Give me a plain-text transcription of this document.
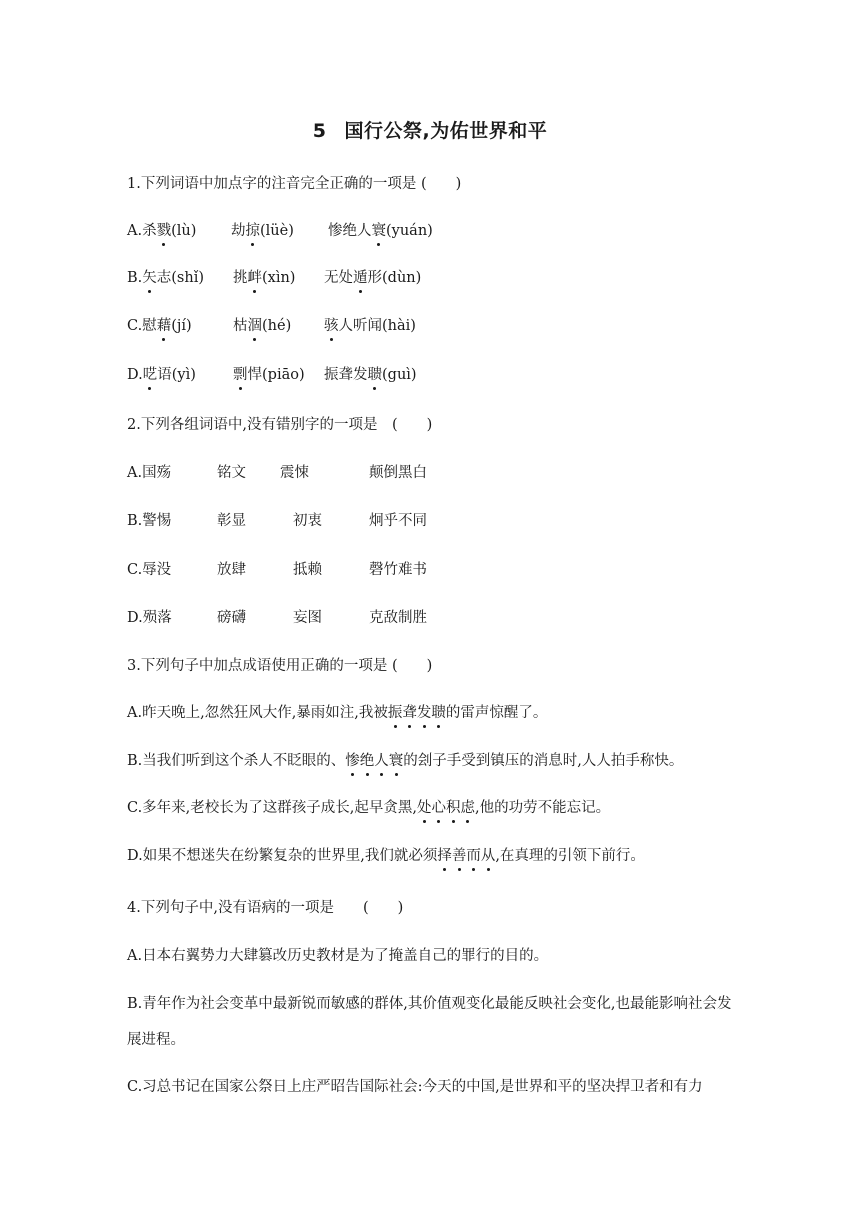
5 国行公祭,为佑世界和平
1.下列词语中加点字的注音完全正确的一项是 (　　)
A.杀戮(lù) 劫掠(lüè) 惨绝人寰(yuán)
B.矢志(shǐ) 挑衅(xìn) 无处遁形(dùn)
C.慰藉(jí)	枯涸(hé) 骇人听闻(hài)
D.呓语(yì)	剽悍(piāo) 振聋发聩(guì)
2.下列各组词语中,没有错别字的一项是　(　　)
A.国殇	铭文 震悚	颠倒黑白
B.警惕	彰显	初衷	炯乎不同
C.辱没	放肆	抵赖	磬竹难书
D.殒落	磅礴	妄图	克敌制胜
3.下列句子中加点成语使用正确的一项是 (　　)
A.昨天晚上,忽然狂风大作,暴雨如注,我被振聋发聩的雷声惊醒了。
B.当我们听到这个杀人不眨眼的、惨绝人寰的刽子手受到镇压的消息时,人人拍手称快。
C.多年来,老校长为了这群孩子成长,起早贪黑,处心积虑,他的功劳不能忘记。
D.如果不想迷失在纷繁复杂的世界里,我们就必须择善而从,在真理的引领下前行。
4.下列句子中,没有语病的一项是　　(　　)
A.日本右翼势力大肆篡改历史教材是为了掩盖自己的罪行的目的。
B.青年作为社会变革中最新锐而敏感的群体,其价值观变化最能反映社会变化,也最能影响社会发展进程。
C.习总书记在国家公祭日上庄严昭告国际社会:今天的中国,是世界和平的坚决捍卫者和有力
